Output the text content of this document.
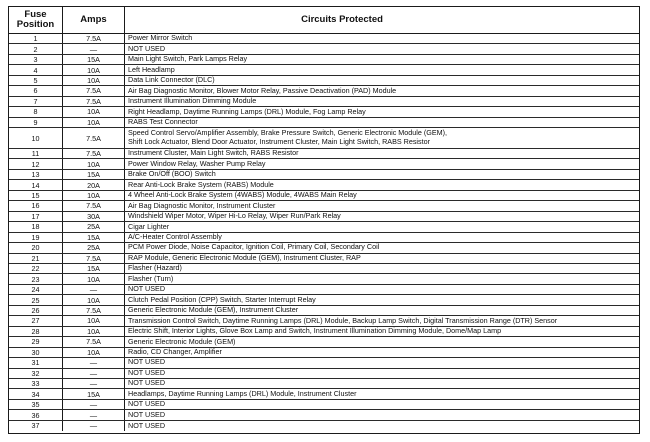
Fuse
Position	Amps	Circuits Protected
1	7.5A	Power Mirror Switch
2	—	NOT USED
3	15A	Main Light Switch, Park Lamps Relay
4	10A	Left Headlamp
5	10A	Data Link Connector (DLC)
6	7.5A	Air Bag Diagnostic Monitor, Blower Motor Relay, Passive Deactivation (PAD) Module
7	7.5A	Instrument Illumination Dimming Module
8	10A	Right Headlamp, Daytime Running Lamps (DRL) Module, Fog Lamp Relay
9	10A	RABS Test Connector
10	7.5A
Speed Control Servo/Amplifier Assembly, Brake Pressure Switch, Generic Electronic Module (GEM),
Shift Lock Actuator, Blend Door Actuator, Instrument Cluster, Main Light Switch, RABS Resistor
11	7.5A	Instrument Cluster, Main Light Switch, RABS Resistor
12	10A	Power Window Relay, Washer Pump Relay
13	15A	Brake On/Off (BOO) Switch
14	20A	Rear Anti-Lock Brake System (RABS) Module
15	10A	4 Wheel Anti-Lock Brake System (4WABS) Module, 4WABS Main Relay
16	7.5A	Air Bag Diagnostic Monitor, Instrument Cluster
17	30A	Windshield Wiper Motor, Wiper Hi-Lo Relay, Wiper Run/Park Relay
18	25A	Cigar Lighter
19	15A	A/C-Heater Control Assembly
20	25A	PCM Power Diode, Noise Capacitor, Ignition Coil, Primary Coil, Secondary Coil
21	7.5A	RAP Module, Generic Electronic Module (GEM), Instrument Cluster, RAP
22	15A	Flasher (Hazard)
23	10A	Flasher (Turn)
24	—	NOT USED
25	10A	Clutch Pedal Position (CPP) Switch, Starter Interrupt Relay
26	7.5A	Generic Electronic Module (GEM), Instrument Cluster
27	10A	Transmission Control Switch, Daytime Running Lamps (DRL) Module, Backup Lamp Switch, Digital Transmission Range (DTR) Sensor
28	10A	Electric Shift, Interior Lights, Glove Box Lamp and Switch, Instrument Illumination Dimming Module, Dome/Map Lamp
29	7.5A	Generic Electronic Module (GEM)
30	10A	Radio, CD Changer, Amplifier
31	—	NOT USED
32	—	NOT USED
33	—	NOT USED
34	15A	Headlamps, Daytime Running Lamps (DRL) Module, Instrument Cluster
35	—	NOT USED
36	—	NOT USED
37	—	NOT USED
